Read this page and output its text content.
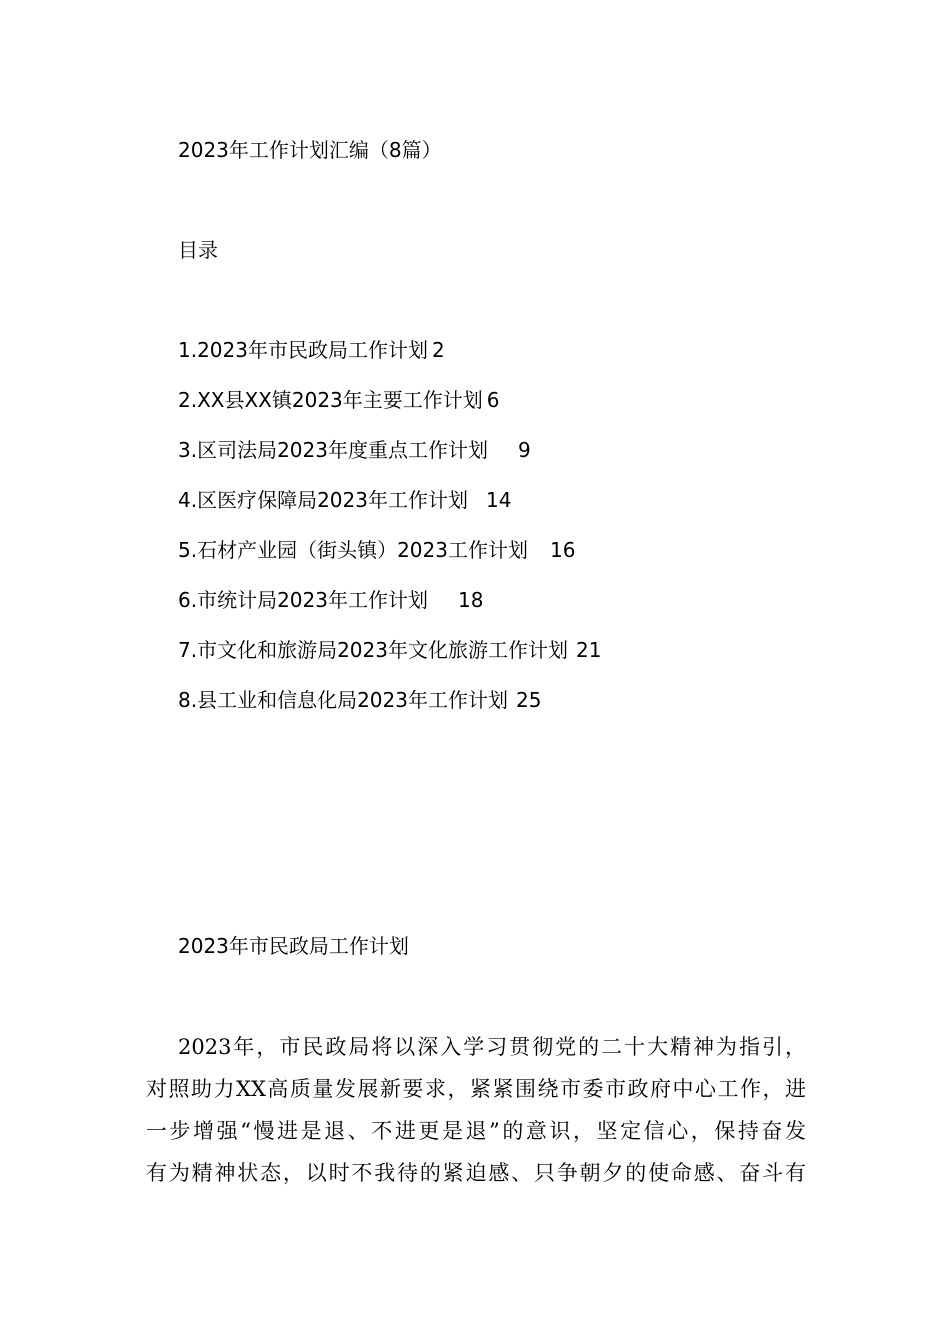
2023年工作计划汇编（8篇）
目录
1.2023年市民政局工作计划 2
2.XX县XX镇2023年主要工作计划 6
3.区司法局2023年度重点工作计划 9
4.区医疗保障局2023年工作计划 14
5.石材产业园（街头镇）2023工作计划 16
6.市统计局2023年工作计划 18
7.市文化和旅游局2023年文化旅游工作计划 21
8.县工业和信息化局2023年工作计划 25
2023年市民政局工作计划
2023年，市民政局将以深入学习贯彻党的二十大精神为指引，
对照助力XX高质量发展新要求，紧紧围绕市委市政府中心工作，进
一步增强“慢进是退、不进更是退”的意识，坚定信心，保持奋发
有为精神状态，以时不我待的紧迫感、只争朝夕的使命感、奋斗有
